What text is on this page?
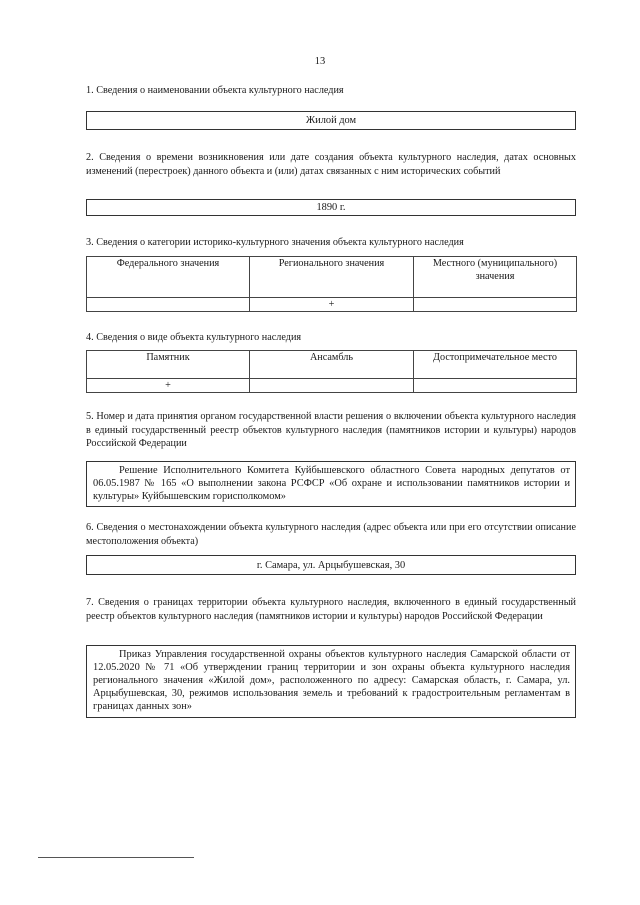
13
1. Сведения о наименовании объекта культурного наследия
Жилой дом
2. Сведения о времени возникновения или дате создания объекта культурного наследия, датах основных изменений (перестроек) данного объекта и (или) датах связанных с ним исторических событий
1890 г.
3. Сведения о категории историко-культурного значения объекта культурного наследия
Федерального значения	Регионального значения	Местного (муниципального) значения
	+	
4. Сведения о виде объекта культурного наследия
Памятник	Ансамбль	Достопримечательное место
+		
5. Номер и дата принятия органом государственной власти решения о включении объекта культурного наследия в единый государственный реестр объектов культурного наследия (памятников истории и культуры) народов Российской Федерации
Решение Исполнительного Комитета Куйбышевского областного Совета народных депутатов от 06.05.1987 № 165 «О выполнении закона РСФСР «Об охране и использовании памятников истории и культуры» Куйбышевским горисполкомом»
6. Сведения о местонахождении объекта культурного наследия (адрес объекта или при его отсутствии описание местоположения объекта)
г. Самара, ул. Арцыбушевская, 30
7. Сведения о границах территории объекта культурного наследия, включенного в единый государственный реестр объектов культурного наследия (памятников истории и культуры) народов Российской Федерации
Приказ Управления государственной охраны объектов культурного наследия Самарской области от 12.05.2020 № 71 «Об утверждении границ территории и зон охраны объекта культурного наследия регионального значения «Жилой дом», расположенного по адресу: Самарская область, г. Самара, ул. Арцыбушевская, 30, режимов использования земель и требований к градостроительным регламентам в границах данных зон»
